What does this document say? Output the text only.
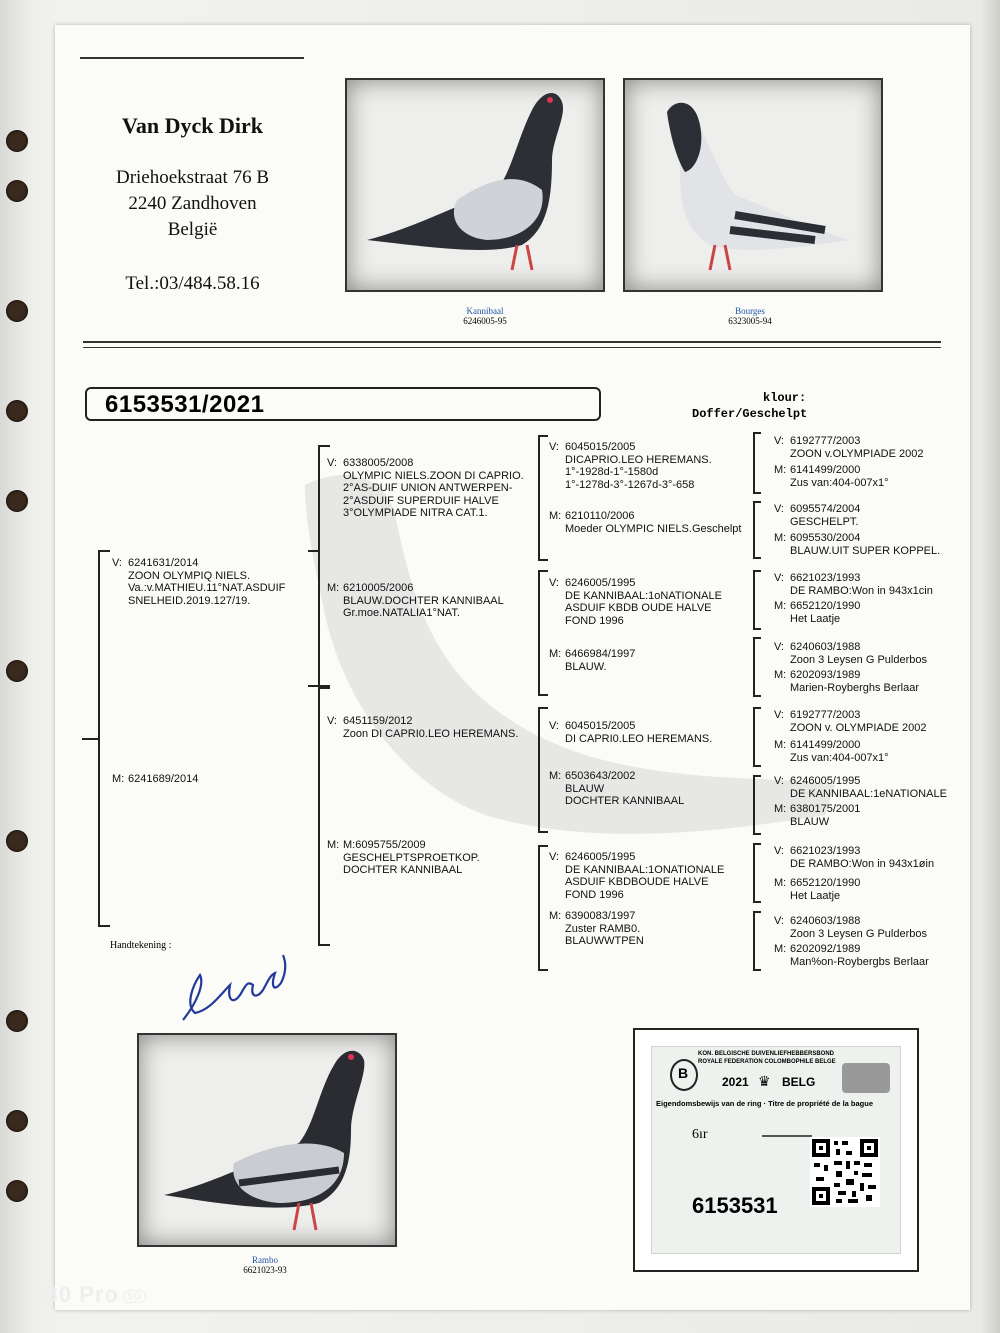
Van Dyck Dirk
Driehoekstraat 76 B
2240 Zandhoven
België
Tel.:03/484.58.16
Kannibaal
6246005-95
Bourges
6323005-94
6153531/2021	klour:
Doffer/Geschelpt
V: 6241631/2014
ZOON OLYMPIQ NIELS.
Va.:v.MATHIEU.11°NAT.ASDUIF
SNELHEID.2019.127/19.
M: 6241689/2014
V: 6338005/2008
OLYMPIC NIELS.ZOON DI CAPRIO.
2°AS-DUIF UNION ANTWERPEN-
2°ASDUIF SUPERDUIF HALVE
3°OLYMPIADE NITRA CAT.1.
M: 6210005/2006
BLAUW.DOCHTER KANNIBAAL
Gr.moe.NATALIA1°NAT.
V: 6451159/2012
Zoon DI CAPRI0.LEO HEREMANS.
M: M:6095755/2009
GESCHELPTSPROETKOP.
DOCHTER KANNIBAAL
V: 6045015/2005
DICAPRIO.LEO HEREMANS.
1°-1928d-1°-1580d
1°-1278d-3°-1267d-3°-658
M: 6210110/2006
Moeder OLYMPIC NIELS.Geschelpt
V: 6246005/1995
DE KANNIBAAL:1oNATIONALE
ASDUIF KBDB OUDE HALVE
FOND 1996
M: 6466984/1997
BLAUW.
V: 6045015/2005
DI CAPRI0.LEO HEREMANS.
M: 6503643/2002
BLAUW
DOCHTER KANNIBAAL
V: 6246005/1995
DE KANNIBAAL:1ONATIONALE
ASDUIF KBDBOUDE HALVE
FOND 1996
M: 6390083/1997
Zuster RAMB0.
BLAUWWTPEN
V: 6192777/2003
ZOON v.OLYMPIADE 2002
M: 6141499/2000
Zus van:404-007x1°
V: 6095574/2004
GESCHELPT.
M: 6095530/2004
BLAUW.UIT SUPER KOPPEL.
V: 6621023/1993
DE RAMBO:Won in 943x1cin
M: 6652120/1990
Het Laatje
V: 6240603/1988
Zoon 3 Leysen G Pulderbos
M: 6202093/1989
Marien-Royberghs Berlaar
V: 6192777/2003
ZOON v. OLYMPIADE 2002
M: 6141499/2000
Zus van:404-007x1°
V: 6246005/1995
DE KANNIBAAL:1eNATIONALE
M: 6380175/2001
BLAUW
V: 6621023/1993
DE RAMBO:Won in 943x1øin
M: 6652120/1990
Het Laatje
V: 6240603/1988
Zoon 3 Leysen G Pulderbos
M: 6202092/1989
Man%on-Roybergbs Berlaar
Handtekening :
Rambo
6621023-93
B
KON. BELGISCHE DUIVENLIEFHEBBERSBOND
ROYALE FEDERATION COLOMBOPHILE BELGE
2021 ♛ BELG
Eigendomsbewijs van de ring · Titre de propriété de la bague
6ır
6153531
X30 Pro 5G
